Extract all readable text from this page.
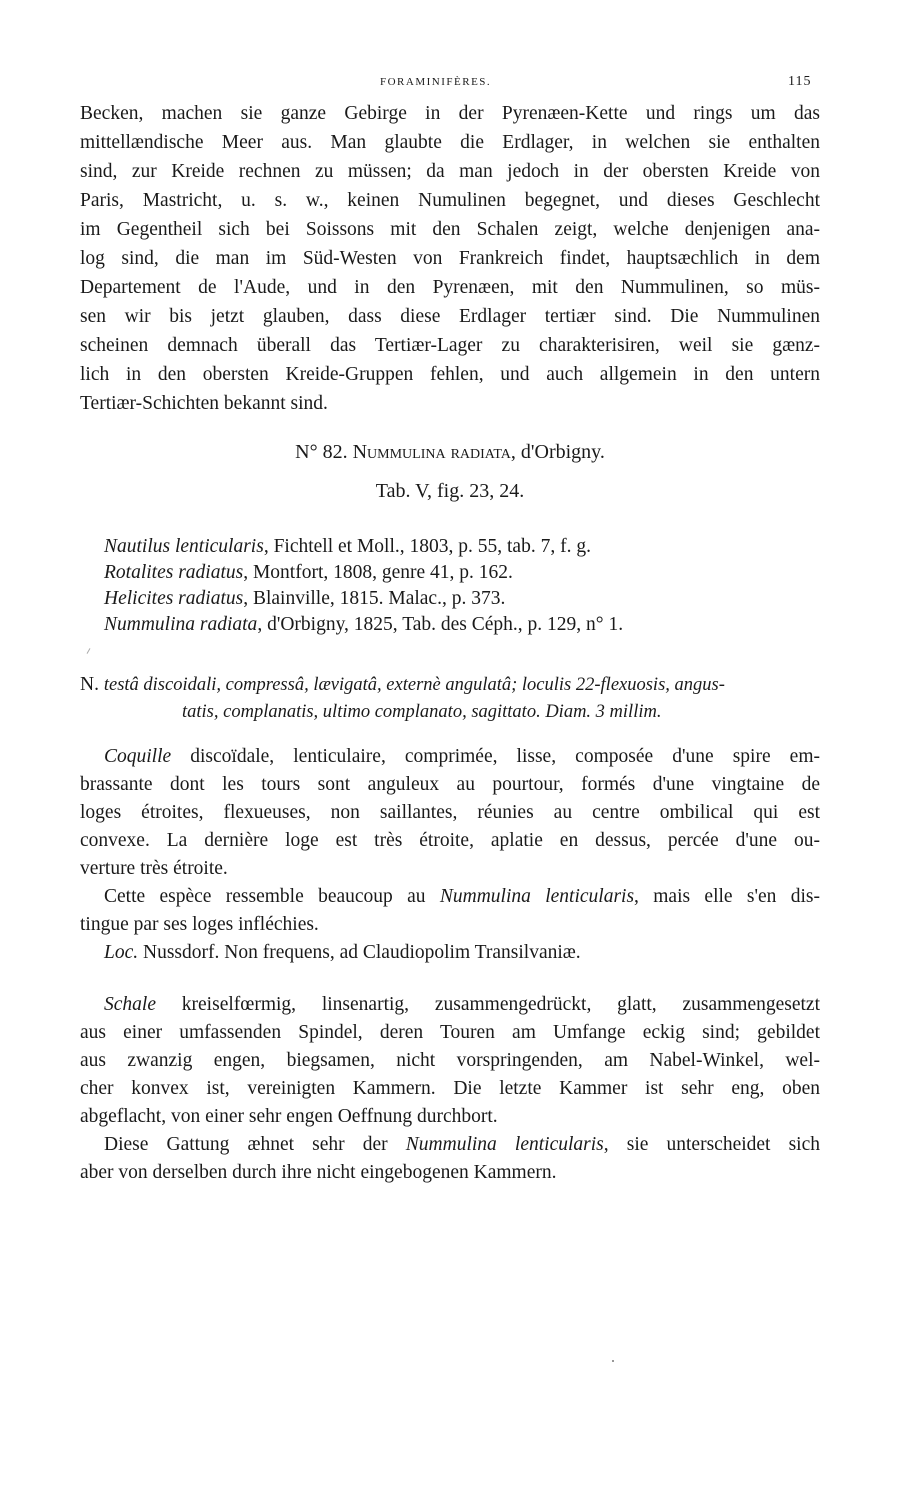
FORAMINIFÈRES.	115
Becken, machen sie ganze Gebirge in der Pyrenæen-Kette und rings um das
mittellændische Meer aus. Man glaubte die Erdlager, in welchen sie enthalten
sind, zur Kreide rechnen zu müssen; da man jedoch in der obersten Kreide von
Paris, Mastricht, u. s. w., keinen Numulinen begegnet, und dieses Geschlecht
im Gegentheil sich bei Soissons mit den Schalen zeigt, welche denjenigen ana-
log sind, die man im Süd-Westen von Frankreich findet, hauptsæchlich in dem
Departement de l'Aude, und in den Pyrenæen, mit den Nummulinen, so müs-
sen wir bis jetzt glauben, dass diese Erdlager tertiær sind. Die Nummulinen
scheinen demnach überall das Tertiær-Lager zu charakterisiren, weil sie gænz-
lich in den obersten Kreide-Gruppen fehlen, und auch allgemein in den untern
Tertiær-Schichten bekannt sind.
N° 82. Nummulina radiata, d'Orbigny.
Tab. V, fig. 23, 24.
Nautilus lenticularis, Fichtell et Moll., 1803, p. 55, tab. 7, f. g.
Rotalites radiatus, Montfort, 1808, genre 41, p. 162.
Helicites radiatus, Blainville, 1815. Malac., p. 373.
Nummulina radiata, d'Orbigny, 1825, Tab. des Céph., p. 129, n° 1.
N. testâ discoidali, compressâ, lævigatâ, externè angulatâ; loculis 22-flexuosis, angus-
tatis, complanatis, ultimo complanato, sagittato. Diam. 3 millim.
Coquille discoïdale, lenticulaire, comprimée, lisse, composée d'une spire em-
brassante dont les tours sont anguleux au pourtour, formés d'une vingtaine de
loges étroites, flexueuses, non saillantes, réunies au centre ombilical qui est
convexe. La dernière loge est très étroite, aplatie en dessus, percée d'une ou-
verture très étroite.
Cette espèce ressemble beaucoup au Nummulina lenticularis, mais elle s'en dis-
tingue par ses loges infléchies.
Loc. Nussdorf. Non frequens, ad Claudiopolim Transilvaniæ.
Schale kreiselfœrmig, linsenartig, zusammengedrückt, glatt, zusammengesetzt
aus einer umfassenden Spindel, deren Touren am Umfange eckig sind; gebildet
aus zwanzig engen, biegsamen, nicht vorspringenden, am Nabel-Winkel, wel-
cher konvex ist, vereinigten Kammern. Die letzte Kammer ist sehr eng, oben
abgeflacht, von einer sehr engen Oeffnung durchbort.
Diese Gattung æhnet sehr der Nummulina lenticularis, sie unterscheidet sich
aber von derselben durch ihre nicht eingebogenen Kammern.
